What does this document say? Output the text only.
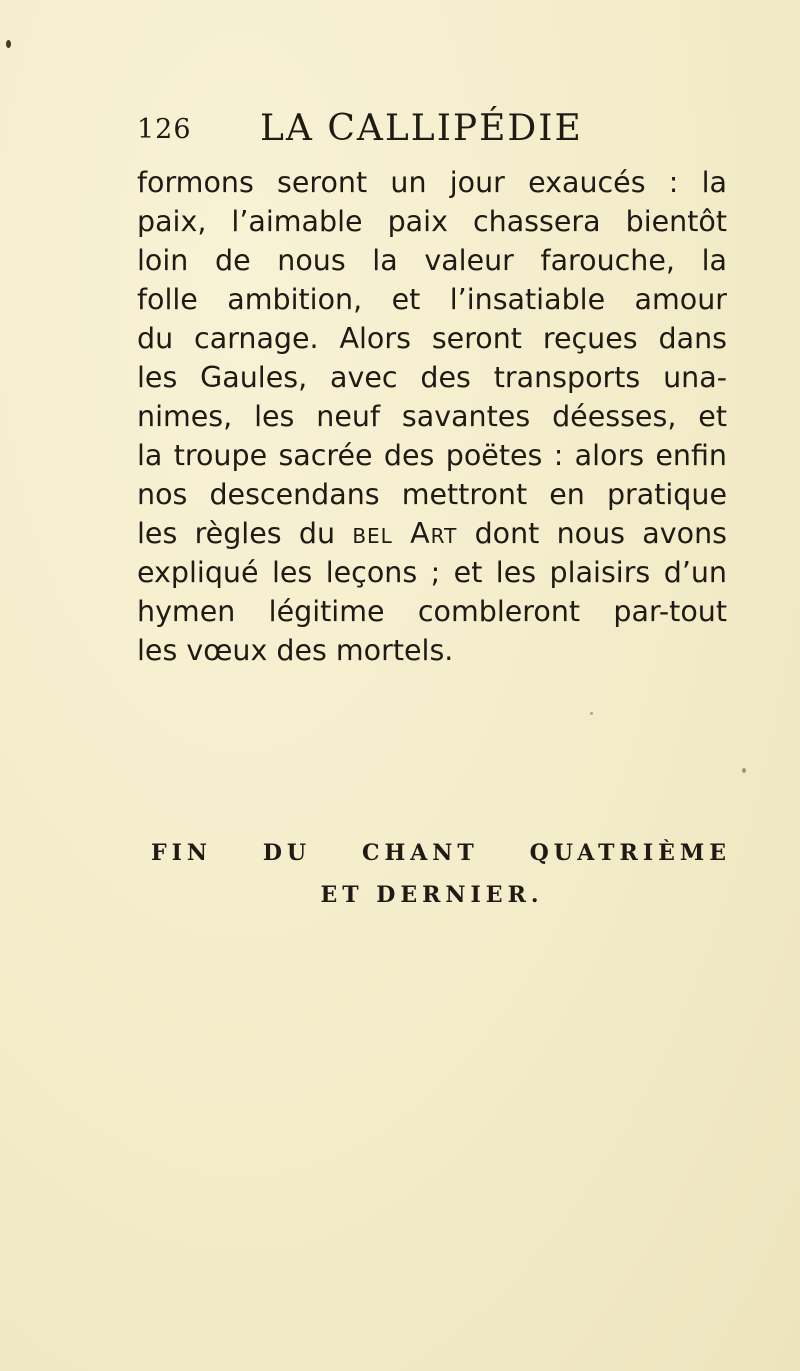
126 LA CALLIPÉDIE
formons seront un jour exaucés : la
paix, l’aimable paix chassera bientôt
loin de nous la valeur farouche, la
folle ambition, et l’insatiable amour
du carnage. Alors seront reçues dans
les Gaules, avec des transports una-
nimes, les neuf savantes déesses, et
la troupe sacrée des poëtes : alors enfin
nos descendans mettront en pratique
les règles du bel Art dont nous avons
expliqué les leçons ; et les plaisirs d’un
hymen légitime combleront par-tout
les vœux des mortels.
FIN DU CHANT QUATRIÈME
ET DERNIER.
